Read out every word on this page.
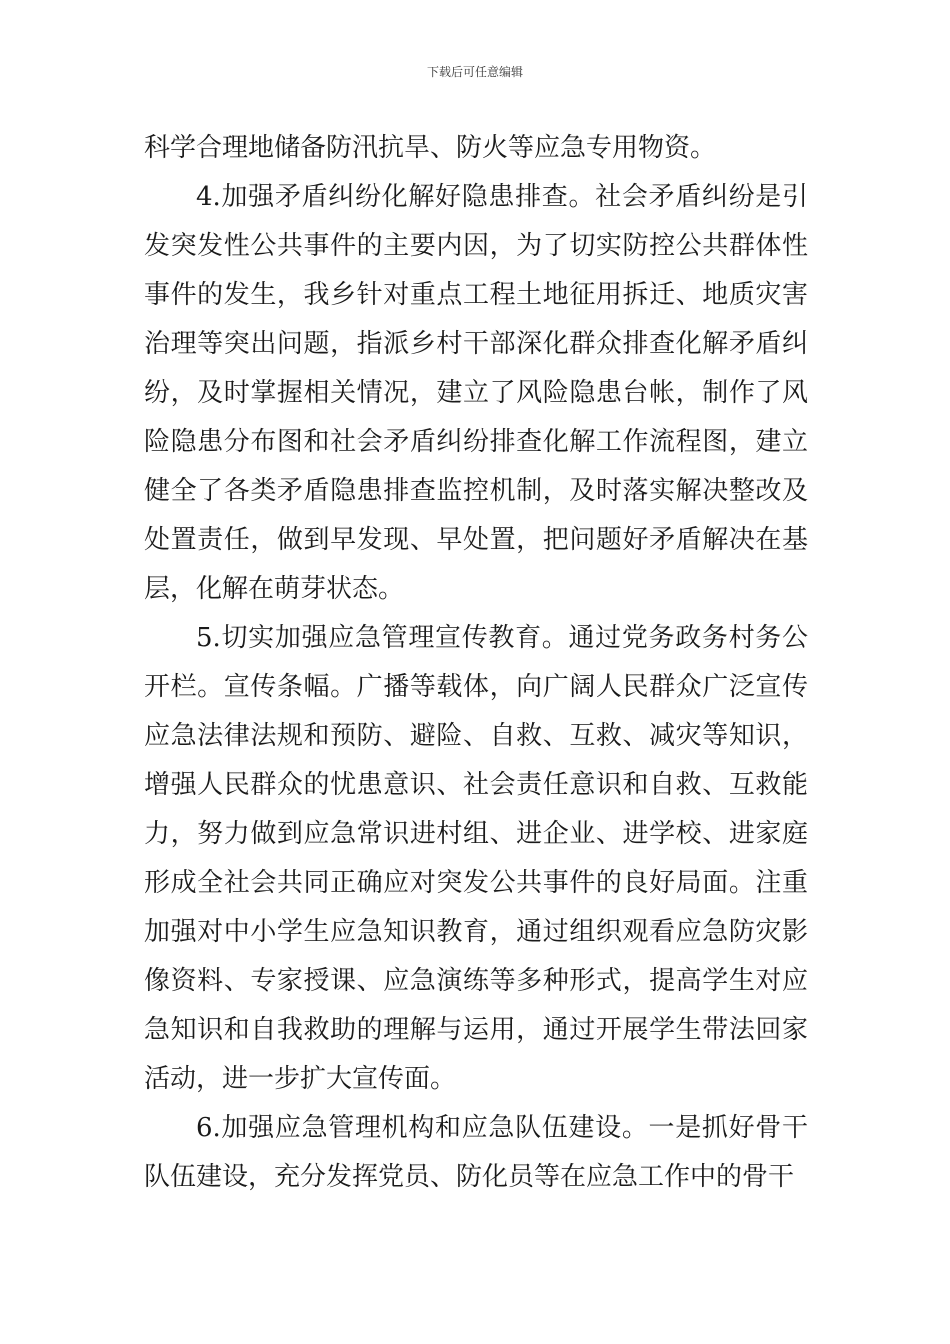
下载后可任意编辑

科学合理地储备防汛抗旱、防火等应急专用物资。

4.加强矛盾纠纷化解好隐患排查。社会矛盾纠纷是引发突发性公共事件的主要内因，为了切实防控公共群体性事件的发生，我乡针对重点工程土地征用拆迁、地质灾害治理等突出问题，指派乡村干部深化群众排查化解矛盾纠纷，及时掌握相关情况，建立了风险隐患台帐，制作了风险隐患分布图和社会矛盾纠纷排查化解工作流程图，建立健全了各类矛盾隐患排查监控机制，及时落实解决整改及处置责任，做到早发现、早处置，把问题好矛盾解决在基层，化解在萌芽状态。

5.切实加强应急管理宣传教育。通过党务政务村务公开栏。宣传条幅。广播等载体，向广阔人民群众广泛宣传应急法律法规和预防、避险、自救、互救、减灾等知识，增强人民群众的忧患意识、社会责任意识和自救、互救能力，努力做到应急常识进村组、进企业、进学校、进家庭形成全社会共同正确应对突发公共事件的良好局面。注重加强对中小学生应急知识教育，通过组织观看应急防灾影像资料、专家授课、应急演练等多种形式，提高学生对应急知识和自我救助的理解与运用，通过开展学生带法回家活动，进一步扩大宣传面。

6.加强应急管理机构和应急队伍建设。一是抓好骨干队伍建设，充分发挥党员、防化员等在应急工作中的骨干
